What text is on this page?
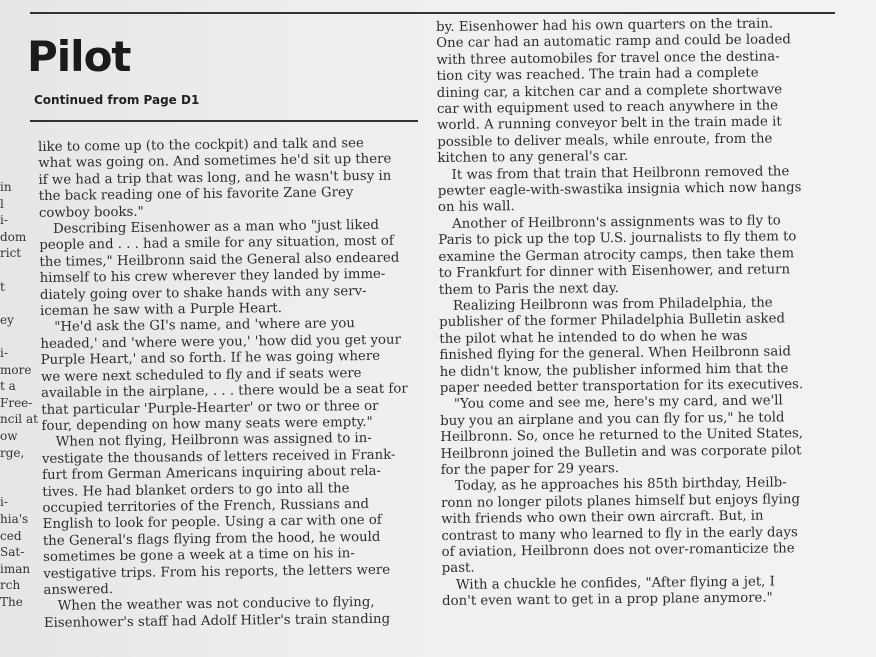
Pilot
Continued from Page D1
in
l
i-
dom
rict
t
ey
i-
more
t a
Free-
ncil at
ow
rge,
i-
hia's
ced
Sat-
iman
rch
The
like to come up (to the cockpit) and talk and see
what was going on. And sometimes he'd sit up there
if we had a trip that was long, and he wasn't busy in
the back reading one of his favorite Zane Grey
cowboy books."
Describing Eisenhower as a man who "just liked
people and . . . had a smile for any situation, most of
the times," Heilbronn said the General also endeared
himself to his crew wherever they landed by imme-
diately going over to shake hands with any serv-
iceman he saw with a Purple Heart.
"He'd ask the GI's name, and 'where are you
headed,' and 'where were you,' 'how did you get your
Purple Heart,' and so forth. If he was going where
we were next scheduled to fly and if seats were
available in the airplane, . . . there would be a seat for
that particular 'Purple-Hearter' or two or three or
four, depending on how many seats were empty."
When not flying, Heilbronn was assigned to in-
vestigate the thousands of letters received in Frank-
furt from German Americans inquiring about rela-
tives. He had blanket orders to go into all the
occupied territories of the French, Russians and
English to look for people. Using a car with one of
the General's flags flying from the hood, he would
sometimes be gone a week at a time on his in-
vestigative trips. From his reports, the letters were
answered.
When the weather was not conducive to flying,
Eisenhower's staff had Adolf Hitler's train standing
by. Eisenhower had his own quarters on the train.
One car had an automatic ramp and could be loaded
with three automobiles for travel once the destina-
tion city was reached. The train had a complete
dining car, a kitchen car and a complete shortwave
car with equipment used to reach anywhere in the
world. A running conveyor belt in the train made it
possible to deliver meals, while enroute, from the
kitchen to any general's car.
It was from that train that Heilbronn removed the
pewter eagle-with-swastika insignia which now hangs
on his wall.
Another of Heilbronn's assignments was to fly to
Paris to pick up the top U.S. journalists to fly them to
examine the German atrocity camps, then take them
to Frankfurt for dinner with Eisenhower, and return
them to Paris the next day.
Realizing Heilbronn was from Philadelphia, the
publisher of the former Philadelphia Bulletin asked
the pilot what he intended to do when he was
finished flying for the general. When Heilbronn said
he didn't know, the publisher informed him that the
paper needed better transportation for its executives.
"You come and see me, here's my card, and we'll
buy you an airplane and you can fly for us," he told
Heilbronn. So, once he returned to the United States,
Heilbronn joined the Bulletin and was corporate pilot
for the paper for 29 years.
Today, as he approaches his 85th birthday, Heilb-
ronn no longer pilots planes himself but enjoys flying
with friends who own their own aircraft. But, in
contrast to many who learned to fly in the early days
of aviation, Heilbronn does not over-romanticize the
past.
With a chuckle he confides, "After flying a jet, I
don't even want to get in a prop plane anymore."
